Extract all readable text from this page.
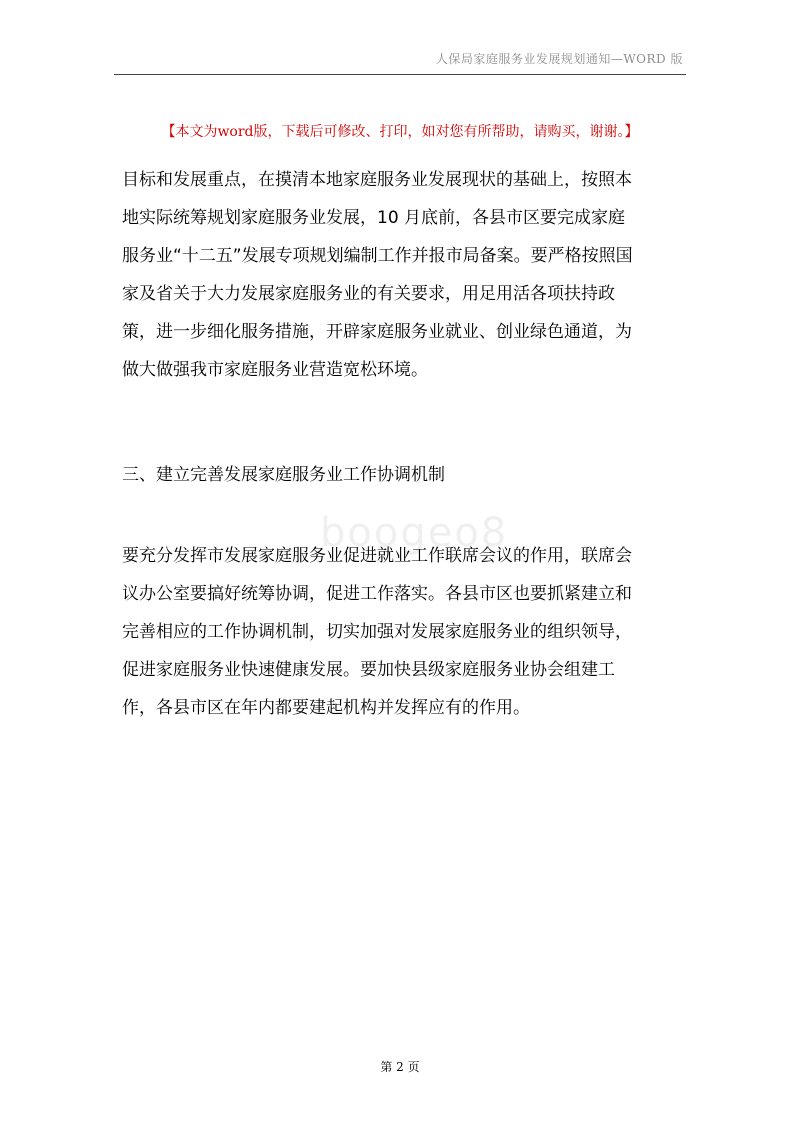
人保局家庭服务业发展规划通知—WORD 版
【本文为word版，下载后可修改、打印，如对您有所帮助，请购买，谢谢。】
目标和发展重点，在摸清本地家庭服务业发展现状的基础上，按照本
地实际统筹规划家庭服务业发展，10 月底前，各县市区要完成家庭
服务业“十二五”发展专项规划编制工作并报市局备案。要严格按照国
家及省关于大力发展家庭服务业的有关要求，用足用活各项扶持政
策，进一步细化服务措施，开辟家庭服务业就业、创业绿色通道，为
做大做强我市家庭服务业营造宽松环境。
三、建立完善发展家庭服务业工作协调机制
boogeo8
要充分发挥市发展家庭服务业促进就业工作联席会议的作用，联席会
议办公室要搞好统筹协调，促进工作落实。各县市区也要抓紧建立和
完善相应的工作协调机制，切实加强对发展家庭服务业的组织领导，
促进家庭服务业快速健康发展。要加快县级家庭服务业协会组建工
作，各县市区在年内都要建起机构并发挥应有的作用。
第 2 页
